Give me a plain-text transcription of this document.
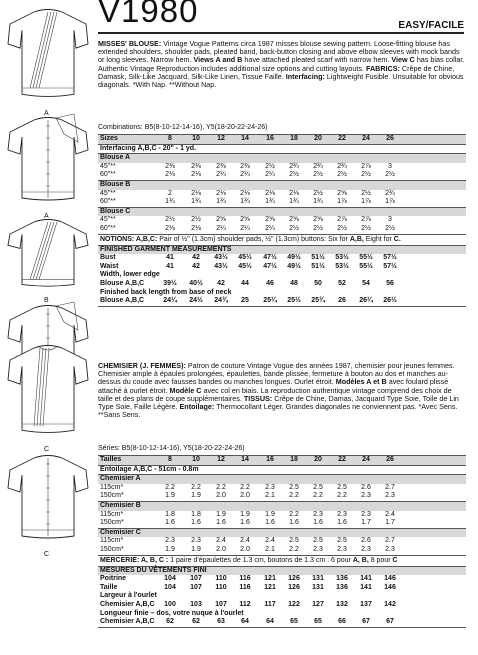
V1980	EASY/FACILE
A
A
B
C
C

MISSES' BLOUSE: Vintage Vogue Patterns circa 1987 misses blouse sewing pattern. Loose-fitting blouse has extended shoulders, shoulder pads, pleated band, back-button closing and above elbow sleeves with mock bands or long sleeves. Narrow hem. Views A and B have attached pleated scarf with narrow hem. View C has bias collar. Authentic Vintage Reproduction includes additional size options and cutting layouts. FABRICS: Crêpe de Chine, Damask, Silk-Like Jacquard, Silk-Like Linen, Tissue Faille. Interfacing: Lightweight Fusible. Unsuitable for obvious diagonals. *With Nap. **Without Nap.

Combinations: B5(8-10-12-14-16), Y5(18-20-22-24-26)
Sizes	8	10	12	14	16	18	20	22	24	26
Interfacing A,B,C - 20" - 1 yd.
Blouse A
45"**	2⅜	2⅜	2⅜	2⅜	2½	2¾	2¾	2¾	2⅞	3
60"**	2⅛	2⅛	2¼	2¼	2¼	2½	2½	2½	2½	2½
Blouse B
45"**	2	2⅛	2⅛	2⅛	2⅛	2⅛	2½	2⅝	2½	2¾
60"**	1¾	1¾	1¾	1¾	1¾	1¾	1¾	1⅞	1⅞	1⅞
Blouse C
45"**	2½	2½	2⅝	2⅝	2⅝	2⅝	2⅝	2⅞	2⅞	3
60"**	2⅛	2⅛	2¼	2¼	2¼	2½	2½	2½	2½	2½
NOTIONS: A,B,C: Pair of ½" (1.3cm) shoulder pads, ½" (1.3cm) buttons: Six for A,B, Eight for C.
FINISHED GARMENT MEASUREMENTS
Bust	41	42	43½	45½	47½	49½	51½	53½	55½	57½
Waist	41	42	43½	45½	47½	49½	51½	53½	55½	57½
Width, lower edge
Blouse A,B,C	39½	40½	42	44	46	48	50	52	54	56
Finished back length from base of neck
Blouse A,B,C	24¼	24½	24¾	25	25¼	25½	25¾	26	26¼	26½

CHEMISIER (J. FEMMES): Patron de couture Vintage Vogue des années 1987, chemisier pour jeunes femmes. Chemisier ample à épaules prolongées, épaulettes, bande plissée, fermeture à bouton au dos et manches au-dessus du coude avec fausses bandes ou manches longues. Ourlet étroit. Modèles A et B avec foulard plissé attaché à ourlet étroit. Modèle C avec col en biais. La reproduction authentique vintage comprend des choix de taille et des plans de coupe supplémentaires. TISSUS: Crêpe de Chine, Damas, Jacquard Type Soie, Toile de Lin Type Soie, Faille Légère. Entoilage: Thermocollant Léger. Grandes diagonales ne conviennent pas. *Avec Sens. **Sans Sens.

Séries: B5(8-10-12-14-16), Y5(18-20-22-24-26)
Tailles	8	10	12	14	16	18	20	22	24	26
Entoilage A,B,C - 51cm - 0.8m
Chemisier A
115cm*	2.2	2.2	2.2	2.2	2.3	2.5	2.5	2.5	2.6	2.7
150cm*	1.9	1.9	2.0	2.0	2.1	2.2	2.2	2.2	2.3	2.3
Chemisier B
115cm*	1.8	1.8	1.9	1.9	1.9	2.2	2.3	2.3	2.3	2.4
150cm*	1.6	1.6	1.6	1.6	1.6	1.6	1.6	1.6	1.7	1.7
Chemisier C
115cm*	2.3	2.3	2.4	2.4	2.4	2.5	2.5	2.5	2.6	2.7
150cm*	1.9	1.9	2.0	2.0	2.1	2.2	2.3	2.3	2.3	2.3
MERCERIE: A, B, C : 1 paire d'épaulettes de 1.3 cm, boutons de 1.3 cm : 6 pour A, B, 8 pour C
MESURES DU VÊTEMENTS FINI
Poitrine	104	107	110	116	121	126	131	136	141	146
Taille	104	107	110	116	121	126	131	136	141	146
Largeur à l'ourlet
Chemisier A,B,C	100	103	107	112	117	122	127	132	137	142
Longueur finie – dos, votre nuque à l'ourlet
Chemisier A,B,C	62	62	63	64	64	65	65	66	67	67
